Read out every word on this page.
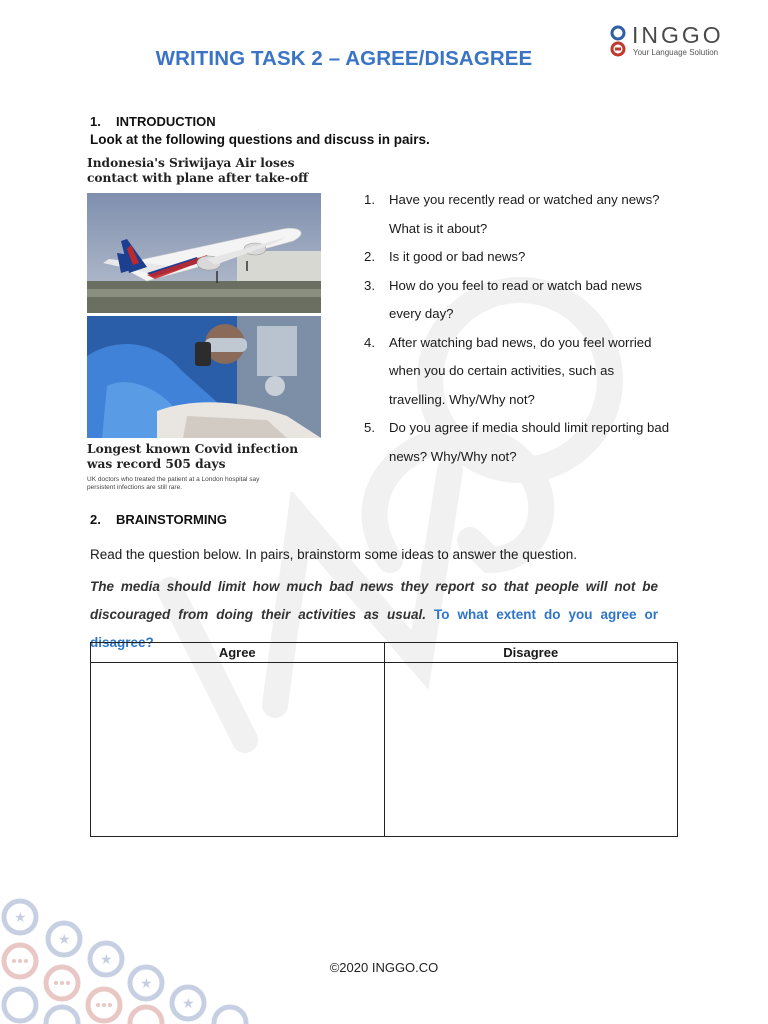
WRITING TASK 2 – AGREE/DISAGREE
INGGO
Your Language Solution
1. INTRODUCTION
Look at the following questions and discuss in pairs.
Indonesia's Sriwijaya Air loses contact with plane after take-off
Longest known Covid infection was record 505 days
UK doctors who treated the patient at a London hospital say persistent infections are still rare.
1.	Have you recently read or watched any news? What is it about?
2.	Is it good or bad news?
3.	How do you feel to read or watch bad news every day?
4.	After watching bad news, do you feel worried when you do certain activities, such as travelling. Why/Why not?
5.	Do you agree if media should limit reporting bad news? Why/Why not?
2. BRAINSTORMING
Read the question below. In pairs, brainstorm some ideas to answer the question.
The media should limit how much bad news they report so that people will not be discouraged from doing their activities as usual. To what extent do you agree or disagree?
Agree	Disagree

★
★
★
★
★
©2020 INGGO.CO
